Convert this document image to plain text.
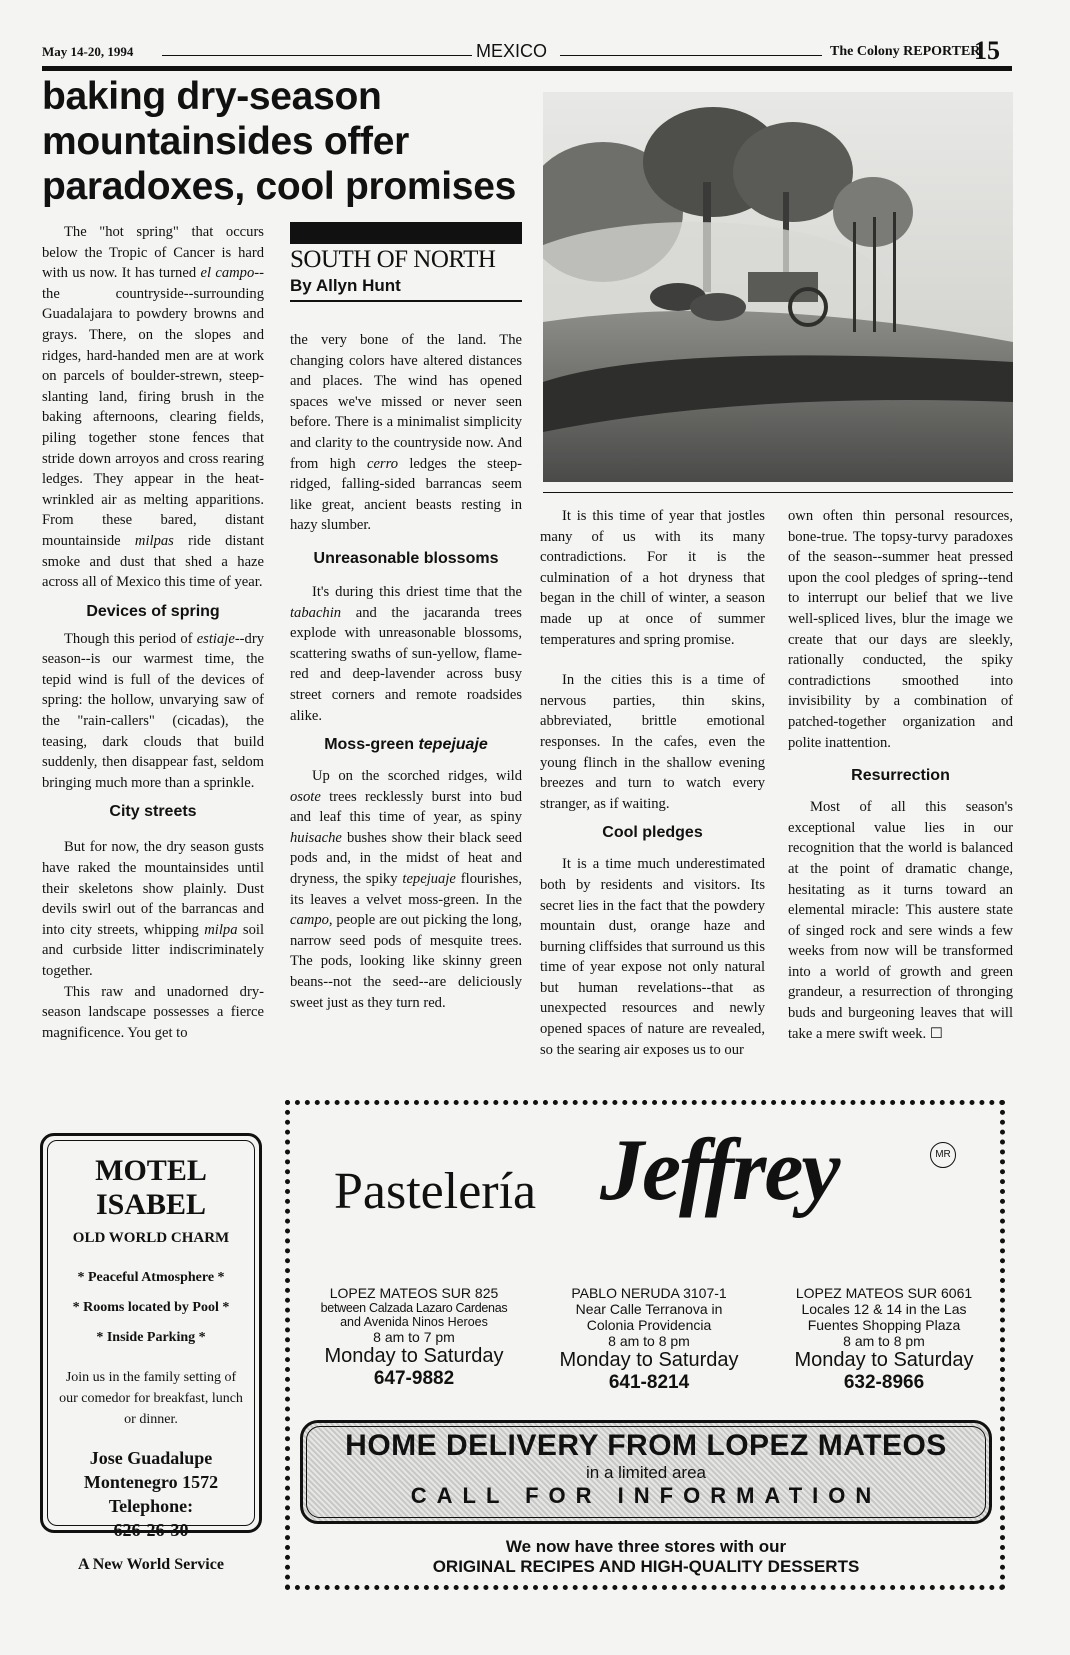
May 14-20, 1994	MEXICO	The Colony REPORTER
15
baking dry-season
mountainsides offer
paradoxes, cool promises

The "hot spring" that occurs below the Tropic of Cancer is hard with us now. It has turned el campo--the countryside--surrounding Guadalajara to powdery browns and grays. There, on the slopes and ridges, hard-handed men are at work on parcels of boulder-strewn, steep-slanting land, firing brush in the baking afternoons, clearing fields, piling together stone fences that stride down arroyos and cross rearing ledges. They appear in the heat-wrinkled air as melting apparitions. From these bared, distant mountainside milpas ride distant smoke and dust that shed a haze across all of Mexico this time of year.

Devices of spring

Though this period of estiaje--dry season--is our warmest time, the tepid wind is full of the devices of spring: the hollow, unvarying saw of the "rain-callers" (cicadas), the teasing, dark clouds that build suddenly, then disappear fast, seldom bringing much more than a sprinkle.

City streets

But for now, the dry season gusts have raked the mountainsides until their skeletons show plainly. Dust devils swirl out of the barrancas and into city streets, whipping milpa soil and curbside litter indiscriminately together.

This raw and unadorned dry-season landscape possesses a fierce magnificence. You get to

SOUTH OF NORTH
By Allyn Hunt

the very bone of the land. The changing colors have altered distances and places. The wind has opened spaces we've missed or never seen before. There is a minimalist simplicity and clarity to the countryside now. And from high cerro ledges the steep-ridged, falling-sided barrancas seem like great, ancient beasts resting in hazy slumber.

Unreasonable blossoms

It's during this driest time that the tabachin and the jacaranda trees explode with unreasonable blossoms, scattering swaths of sun-yellow, flame-red and deep-lavender across busy street corners and remote roadsides alike.

Moss-green tepejuaje

Up on the scorched ridges, wild osote trees recklessly burst into bud and leaf this time of year, as spiny huisache bushes show their black seed pods and, in the midst of heat and dryness, the spiky tepejuaje flourishes, its leaves a velvet moss-green. In the campo, people are out picking the long, narrow seed pods of mesquite trees. The pods, looking like skinny green beans--not the seed--are deliciously sweet just as they turn red.

It is this time of year that jostles many of us with its many contradictions. For it is the culmination of a hot dryness that began in the chill of winter, a season made up at once of summer temperatures and spring promise.

In the cities this is a time of nervous parties, thin skins, abbreviated, brittle emotional responses. In the cafes, even the young flinch in the shallow evening breezes and turn to watch every stranger, as if waiting.

Cool pledges

It is a time much underestimated both by residents and visitors. Its secret lies in the fact that the powdery mountain dust, orange haze and burning cliffsides that surround us this time of year expose not only natural but human revelations--that as unexpected resources and newly opened spaces of nature are revealed, so the searing air exposes us to our

own often thin personal resources, bone-true. The topsy-turvy paradoxes of the season--summer heat pressed upon the cool pledges of spring--tend to interrupt our belief that we live well-spliced lives, blur the image we create that our days are sleekly, rationally conducted, the spiky contradictions smoothed into invisibility by a combination of patched-together organization and polite inattention.

Resurrection

Most of all this season's exceptional value lies in our recognition that the world is balanced at the point of dramatic change, hesitating as it turns toward an elemental miracle: This austere state of singed rock and sere winds a few weeks from now will be transformed into a world of growth and green grandeur, a resurrection of thronging buds and burgeoning leaves that will take a mere swift week. ☐

MOTEL
ISABEL
OLD WORLD CHARM
* Peaceful Atmosphere *
* Rooms located by Pool *
* Inside Parking *
Join us in the family setting of our comedor for breakfast, lunch or dinner.
Jose Guadalupe
Montenegro 1572
Telephone:
626-26-30
A New World Service
Pastelería Jeffrey	MR
LOPEZ MATEOS SUR 825
between Calzada Lazaro Cardenas
and Avenida Ninos Heroes
8 am to 7 pm
Monday to Saturday
647-9882
PABLO NERUDA 3107-1
Near Calle Terranova in
Colonia Providencia
8 am to 8 pm
Monday to Saturday
641-8214
LOPEZ MATEOS SUR 6061
Locales 12 & 14 in the Las
Fuentes Shopping Plaza
8 am to 8 pm
Monday to Saturday
632-8966
HOME DELIVERY FROM LOPEZ MATEOS
in a limited area
CALL FOR INFORMATION
We now have three stores with our
ORIGINAL RECIPES AND HIGH-QUALITY DESSERTS
